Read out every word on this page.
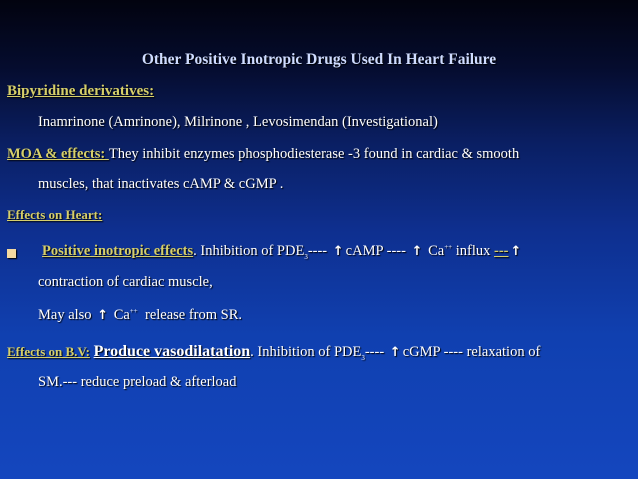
Other Positive Inotropic Drugs Used In Heart Failure
Bipyridine derivatives:
Inamrinone (Amrinone), Milrinone , Levosimendan (Investigational)
MOA & effects: They inhibit enzymes phosphodiesterase -3 found in cardiac & smooth
muscles, that inactivates cAMP & cGMP .
Effects on Heart:
Positive inotropic effects. Inhibition of $PDE_3----$ ↑ cAMP ---- ↑ Ca++ influx --- ↑
contraction of cardiac muscle,
May also ↑ Ca++ release from SR.
Effects on B.V: Produce vasodilatation. Inhibition of $PDE_3----$ ↑ cGMP ---- relaxation of
SM.--- reduce preload & afterload
